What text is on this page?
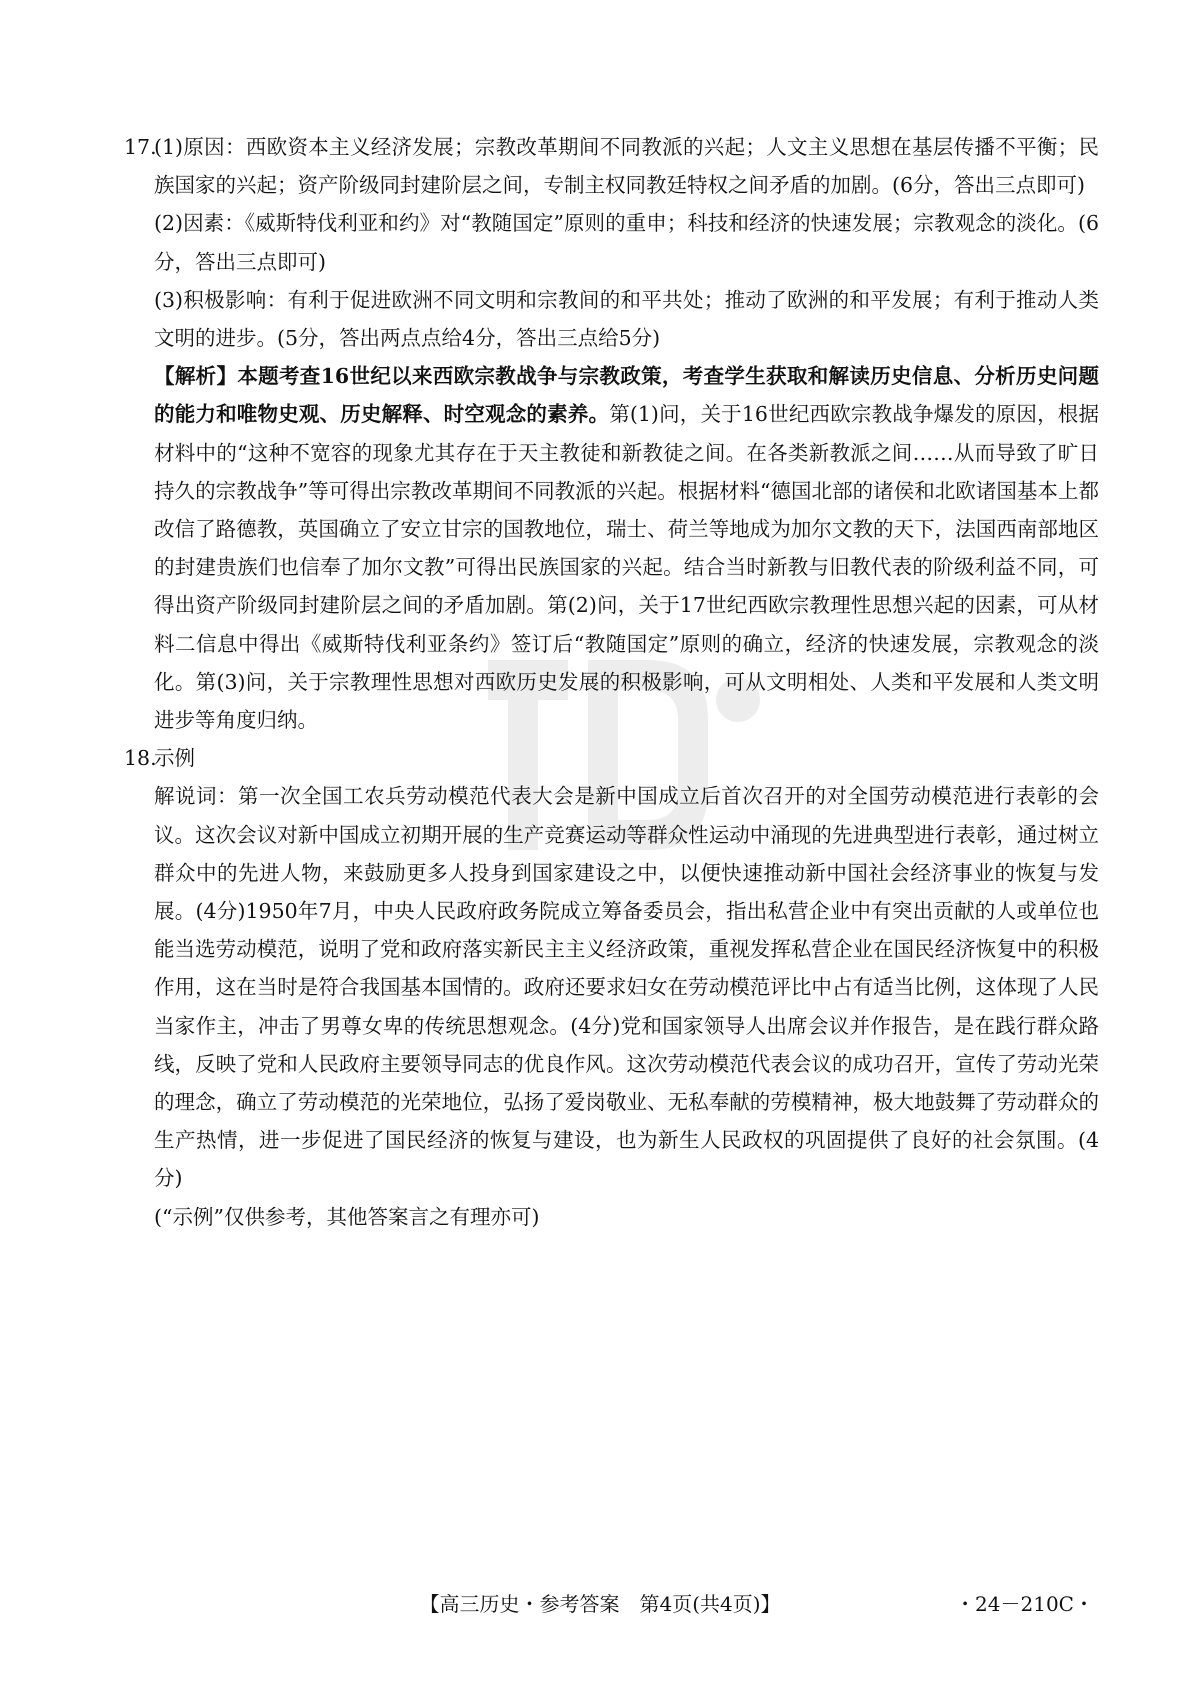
17.

(1)原因：西欧资本主义经济发展；宗教改革期间不同教派的兴起；人文主义思想在基层传播不平衡；民族国家的兴起；资产阶级同封建阶层之间，专制主权同教廷特权之间矛盾的加剧。(6分，答出三点即可)

(2)因素：《威斯特伐利亚和约》对“教随国定”原则的重申；科技和经济的快速发展；宗教观念的淡化。(6分，答出三点即可)

(3)积极影响：有利于促进欧洲不同文明和宗教间的和平共处；推动了欧洲的和平发展；有利于推动人类文明的进步。(5分，答出两点点给4分，答出三点给5分)

【解析】本题考查16世纪以来西欧宗教战争与宗教政策，考查学生获取和解读历史信息、分析历史问题的能力和唯物史观、历史解释、时空观念的素养。第(1)问，关于16世纪西欧宗教战争爆发的原因，根据材料中的“这种不宽容的现象尤其存在于天主教徒和新教徒之间。在各类新教派之间……从而导致了旷日持久的宗教战争”等可得出宗教改革期间不同教派的兴起。根据材料“德国北部的诸侯和北欧诸国基本上都改信了路德教，英国确立了安立甘宗的国教地位，瑞士、荷兰等地成为加尔文教的天下，法国西南部地区的封建贵族们也信奉了加尔文教”可得出民族国家的兴起。结合当时新教与旧教代表的阶级利益不同，可得出资产阶级同封建阶层之间的矛盾加剧。第(2)问，关于17世纪西欧宗教理性思想兴起的因素，可从材料二信息中得出《威斯特伐利亚条约》签订后“教随国定”原则的确立，经济的快速发展，宗教观念的淡化。第(3)问，关于宗教理性思想对西欧历史发展的积极影响，可从文明相处、人类和平发展和人类文明进步等角度归纳。

18.

示例

解说词：第一次全国工农兵劳动模范代表大会是新中国成立后首次召开的对全国劳动模范进行表彰的会议。这次会议对新中国成立初期开展的生产竞赛运动等群众性运动中涌现的先进典型进行表彰，通过树立群众中的先进人物，来鼓励更多人投身到国家建设之中，以便快速推动新中国社会经济事业的恢复与发展。(4分)1950年7月，中央人民政府政务院成立筹备委员会，指出私营企业中有突出贡献的人或单位也能当选劳动模范，说明了党和政府落实新民主主义经济政策，重视发挥私营企业在国民经济恢复中的积极作用，这在当时是符合我国基本国情的。政府还要求妇女在劳动模范评比中占有适当比例，这体现了人民当家作主，冲击了男尊女卑的传统思想观念。(4分)党和国家领导人出席会议并作报告，是在践行群众路线，反映了党和人民政府主要领导同志的优良作风。这次劳动模范代表会议的成功召开，宣传了劳动光荣的理念，确立了劳动模范的光荣地位，弘扬了爱岗敬业、无私奉献的劳模精神，极大地鼓舞了劳动群众的生产热情，进一步促进了国民经济的恢复与建设，也为新生人民政权的巩固提供了良好的社会氛围。(4分)

(“示例”仅供参考，其他答案言之有理亦可)

【高三历史・参考答案　第4页(共4页)】	・24－210C・
